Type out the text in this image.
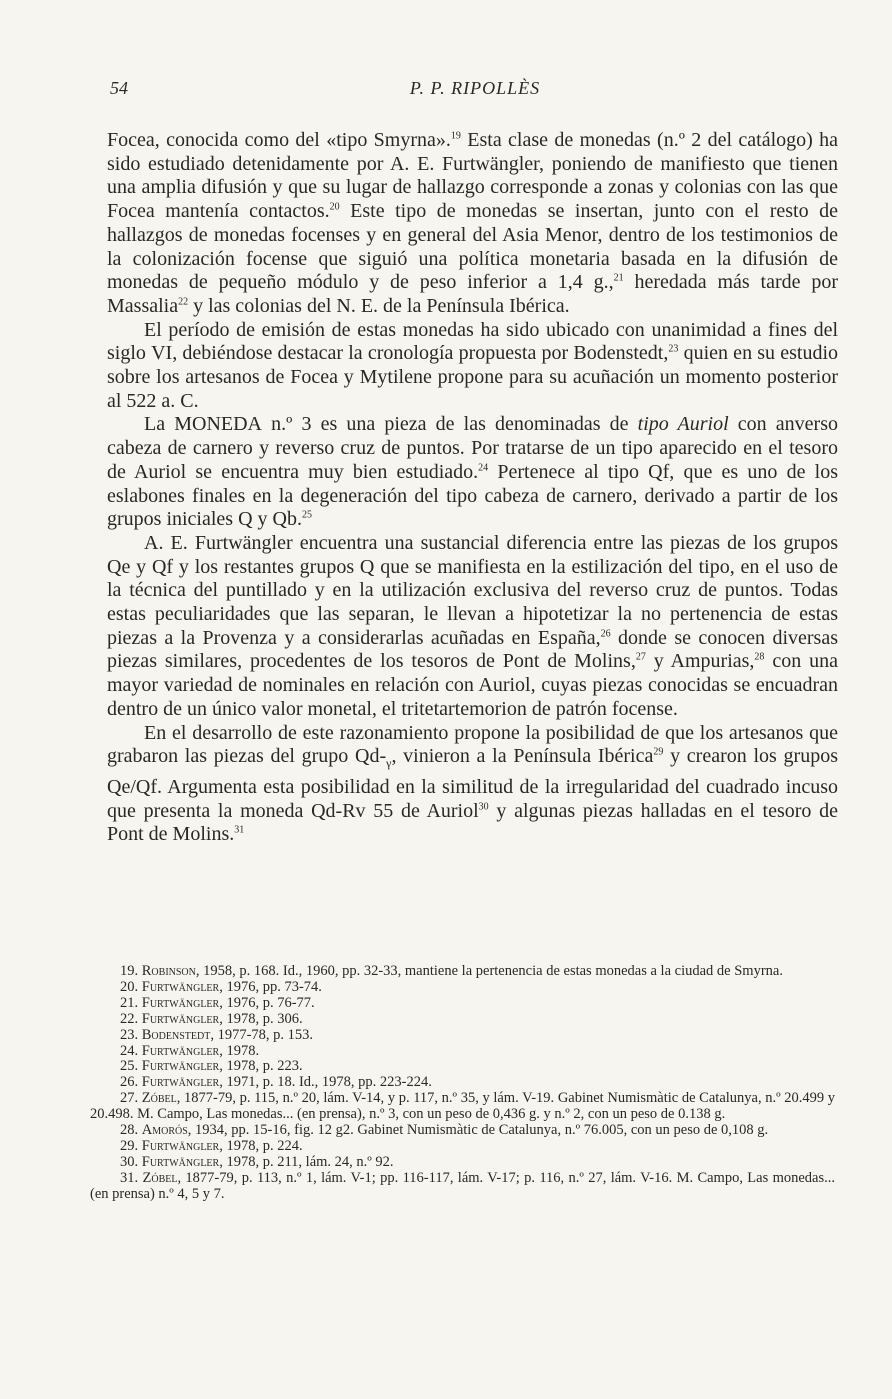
54	P. P. RIPOLLÈS

Focea, conocida como del «tipo Smyrna».$^{19}$ Esta clase de monedas (n.º 2 del catálogo) ha sido estudiado detenidamente por A. E. Furtwängler, poniendo de manifiesto que tienen una amplia difusión y que su lugar de hallazgo corresponde a zonas y colonias con las que Focea mantenía contactos.$^{20}$ Este tipo de monedas se insertan, junto con el resto de hallazgos de monedas focenses y en general del Asia Menor, dentro de los testimonios de la colonización focense que siguió una política monetaria basada en la difusión de monedas de pequeño módulo y de peso inferior a 1,4 g.,$^{21}$ heredada más tarde por Massalia$^{22}$ y las colonias del N. E. de la Península Ibérica.

El período de emisión de estas monedas ha sido ubicado con unanimidad a fines del siglo VI, debiéndose destacar la cronología propuesta por Bodenstedt,$^{23}$ quien en su estudio sobre los artesanos de Focea y Mytilene propone para su acuñación un momento posterior al 522 a. C.

La MONEDA n.º 3 es una pieza de las denominadas de tipo Auriol con anverso cabeza de carnero y reverso cruz de puntos. Por tratarse de un tipo aparecido en el tesoro de Auriol se encuentra muy bien estudiado.$^{24}$ Pertenece al tipo Qf, que es uno de los eslabones finales en la degeneración del tipo cabeza de carnero, derivado a partir de los grupos iniciales Q y Qb.$^{25}$

A. E. Furtwängler encuentra una sustancial diferencia entre las piezas de los grupos Qe y Qf y los restantes grupos Q que se manifiesta en la estilización del tipo, en el uso de la técnica del puntillado y en la utilización exclusiva del reverso cruz de puntos. Todas estas peculiaridades que las separan, le llevan a hipotetizar la no pertenencia de estas piezas a la Provenza y a considerarlas acuñadas en España,$^{26}$ donde se conocen diversas piezas similares, procedentes de los tesoros de Pont de Molins,$^{27}$ y Ampurias,$^{28}$ con una mayor variedad de nominales en relación con Auriol, cuyas piezas conocidas se encuadran dentro de un único valor monetal, el tritetartemorion de patrón focense.

En el desarrollo de este razonamiento propone la posibilidad de que los artesanos que grabaron las piezas del grupo $Qd-_\gamma$, vinieron a la Península Ibérica$^{29}$ y crearon los grupos Qe/Qf. Argumenta esta posibilidad en la similitud de la irregularidad del cuadrado incuso que presenta la moneda Qd-Rv 55 de Auriol$^{30}$ y algunas piezas halladas en el tesoro de Pont de Molins.$^{31}$

19. Robinson, 1958, p. 168. Id., 1960, pp. 32-33, mantiene la pertenencia de estas monedas a la ciudad de Smyrna.

20. Furtwängler, 1976, pp. 73-74.

21. Furtwängler, 1976, p. 76-77.

22. Furtwängler, 1978, p. 306.

23. Bodenstedt, 1977-78, p. 153.

24. Furtwängler, 1978.

25. Furtwängler, 1978, p. 223.

26. Furtwängler, 1971, p. 18. Id., 1978, pp. 223-224.

27. Zóbel, 1877-79, p. 115, n.º 20, lám. V-14, y p. 117, n.º 35, y lám. V-19. Gabinet Numismàtic de Catalunya, n.º 20.499 y 20.498. M. Campo, Las monedas... (en prensa), n.º 3, con un peso de 0,436 g. y n.º 2, con un peso de 0.138 g.

28. Amorós, 1934, pp. 15-16, fig. 12 g2. Gabinet Numismàtic de Catalunya, n.º 76.005, con un peso de 0,108 g.

29. Furtwängler, 1978, p. 224.

30. Furtwängler, 1978, p. 211, lám. 24, n.º 92.

31. Zóbel, 1877-79, p. 113, n.º 1, lám. V-1; pp. 116-117, lám. V-17; p. 116, n.º 27, lám. V-16. M. Campo, Las monedas... (en prensa) n.º 4, 5 y 7.
